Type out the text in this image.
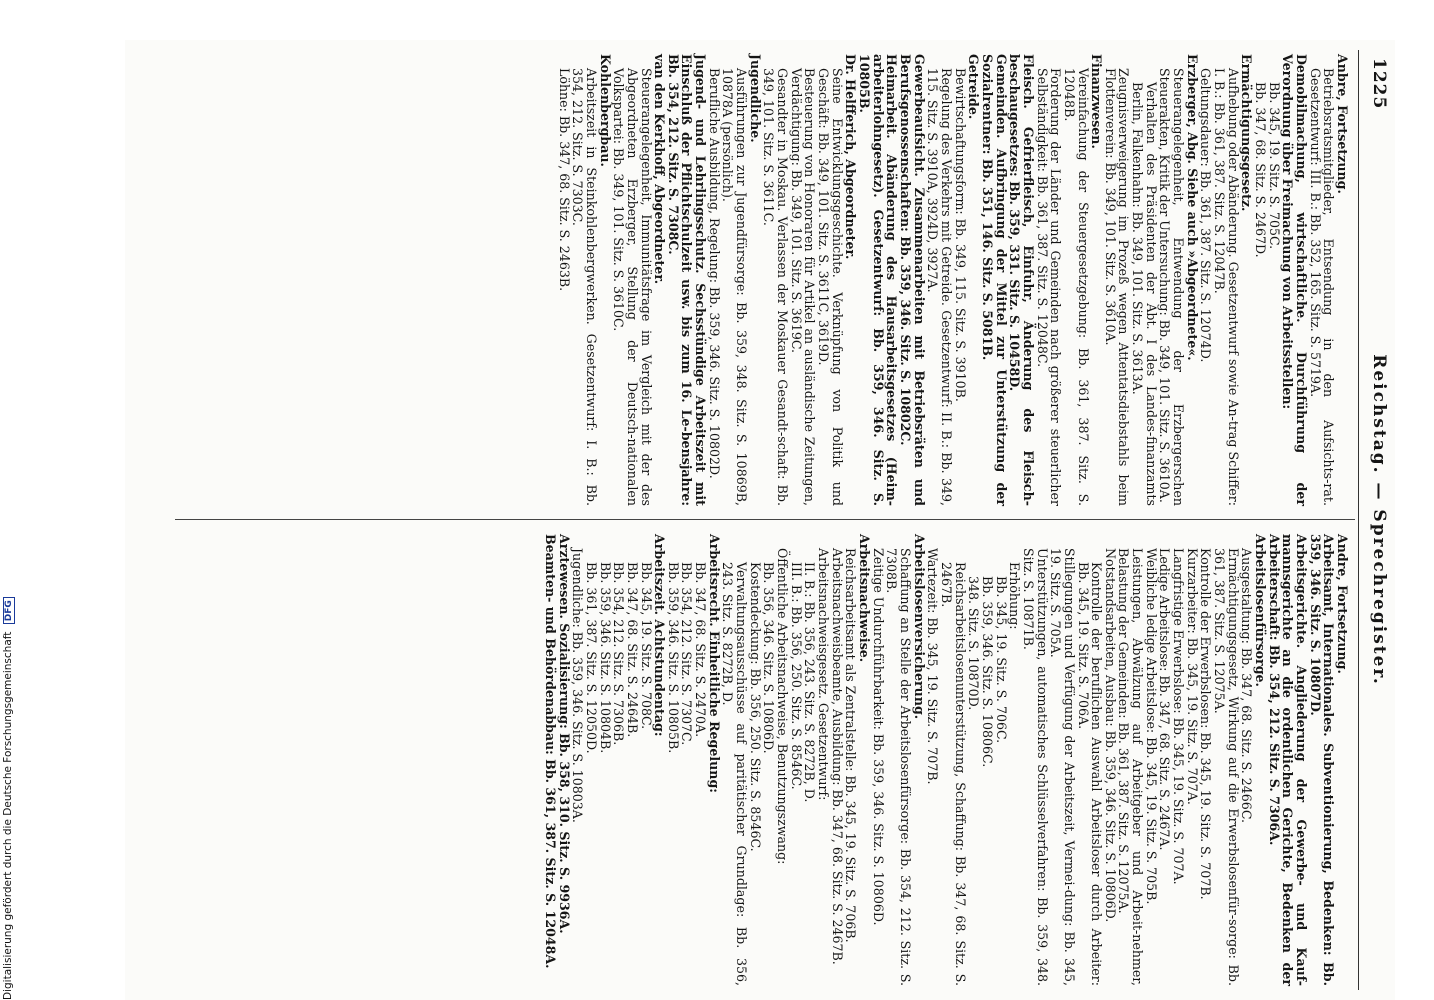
1225
Reichstag. — Sprechregister.
Anbre, Fortsetzung.
Betriebsratsmitglieder, Entsendung in den Aufsichts-rat. Gesetzentwurf: III. B.: Bb. 352, 165. Sitz. S. 5719A.
Demobilmachung, wirtschaftliche. Durchführung der Verordnung über Freimachung von Arbeitsstellen:
Bb. 345, 19. Sitz. S. 705C.
Bb. 347, 68. Sitz. S. 2467D.
Ermächtigungsgesetz.
Aufhebung oder Abänderung. Gesetzentwurf sowie An-trag Schiffer: I. B.: Bb. 361, 387. Sitz. S. 12047B.
Geltungsdauer: Bb. 361, 387. Sitz. S. 12074D.
Erzberger, Abg. Siehe auch »Abgeordnete«.
Steuerangelegenheit, Entwendung der Erzbergerschen Steuerakten, Kritik der Untersuchung: Bb. 349, 101. Sitz. S. 3610A.
Verhalten des Präsidenten der Abt. I des Landes-finanzamts Berlin, Falkenhahn: Bb. 349, 101. Sitz. S. 3613A.
Zeugnisverweigerung im Prozeß wegen Attentatsdiebstahls beim Flottenverein: Bb. 349, 101. Sitz. S. 3610A.
Finanzwesen.
Vereinfachung der Steuergesetzgebung: Bb. 361, 387. Sitz. S. 12048B.
Forderung der Länder und Gemeinden nach größerer steuerlicher Selbständigkeit: Bb. 361, 387. Sitz. S. 12048C.
Fleisch. Gefrierfleisch, Einfuhr, Änderung des Fleisch-beschaugesetzes: Bb. 359, 331. Sitz. S. 10458D.
Gemeinden. Aufbringung der Mittel zur Unterstützung der Sozialrentner: Bb. 351, 146. Sitz. S. 5081B.
Getreide.
Bewirtschaftungsform: Bb. 349, 115. Sitz. S. 3910B.
Regelung des Verkehrs mit Getreide. Gesetzentwurf: II. B.: Bb. 349, 115. Sitz. S. 3910A, 3924D, 3927A.
Gewerbeaufsicht. Zusammenarbeiten mit Betriebsräten und Berufsgenossenschaften: Bb. 359, 346. Sitz. S. 10802C.
Heimarbeit. Abänderung des Hausarbeitsgesetzes (Heim-arbeiterlohngesetz). Gesetzentwurf: Bb. 359, 346. Sitz. S. 10805B.
Dr. Helfferich, Abgeordneter.
Seine Entwicklungsgeschichte. Verknüpfung von Politik und Geschäft: Bb. 349, 101. Sitz. S. 3611C, 3619D.
Besteuerung von Honoraren für Artikel an ausländische Zeitungen, Verdächtigung: Bb. 349, 101. Sitz. S. 3619C.
Gesandter in Moskau. Verlassen der Moskauer Gesandt-schaft: Bb. 349, 101. Sitz. S. 3611C.
Jugendliche.
Ausführungen zur Jugendfürsorge: Bb. 359, 348. Sitz. S. 10869B, 10878A (persönlich).
Berufliche Ausbildung, Regelung: Bb. 359, 346. Sitz. S. 10802D.
Jugend- und Lehrlingsschutz. Sechsstündige Arbeitszeit mit Einschluß der Pflichtschulzeit usw. bis zum 16. Le-bensjahre: Bb. 354, 212. Sitz. S. 7308C.
van den Kerkhoff, Abgeordneter.
Steuerangelegenheit, Immunitätsfrage im Vergleich mit der des Abgeordneten Erzberger, Stellung der Deutsch-nationalen Volkspartei: Bb. 349, 101. Sitz. S. 3610C.
Kohlenbergbau.
Arbeitszeit in Steinkohlenbergwerken. Gesetzentwurf: I. B.: Bb. 354, 212. Sitz. S. 7303C.
Löhne: Bb. 347, 68. Sitz. S. 2463B.
Andre, Fortsetzung.
Arbeitsamt, Internationales. Subventionierung, Bedenken: Bb. 359, 346. Sitz. S. 10807D.
Arbeitsgerichte. Angliederung der Gewerbe- und Kauf-mannsgerichte an die ordentlichen Gerichte, Bedenken der Arbeiterschaft: Bb. 354, 212. Sitz. S. 7306A.
Arbeitslosenfürsorge.
Ausgestaltung: Bb. 347, 68. Sitz. S. 2466C.
Ermächtigungsgesetz, Wirkung auf die Erwerbslosenfür-sorge: Bb. 361, 387. Sitz. S. 12075A.
Kontrolle der Erwerbslosen: Bb. 345, 19. Sitz. S. 707B.
Kurzarbeiter: Bb. 345, 19. Sitz. S. 707A.
Langfristige Erwerbslose: Bb. 345, 19. Sitz. S. 707A.
Ledige Arbeitslose: Bb. 347, 68. Sitz. S. 2467A.
Weibliche ledige Arbeitslose: Bb. 345, 19. Sitz. S. 705B.
Leistungen, Abwälzung auf Arbeitgeber und Arbeit-nehmer, Belastung der Gemeinden: Bb. 361, 387. Sitz. S. 12075A.
Notstandsarbeiten, Ausbau: Bb. 359, 346. Sitz. S. 10806D.
Kontrolle der beruflichen Auswahl Arbeitsloser durch Arbeiter: Bb. 345, 19. Sitz. S. 706A.
Stillegungen und Verfügung der Arbeitszeit, Vermei-dung: Bb. 345, 19. Sitz. S. 705A.
Unterstützungen, automatisches Schlüsselverfahren: Bb. 359, 348. Sitz. S. 10871B.
Erhöhung:
Bb. 345, 19. Sitz. S. 706C.
Bb. 359, 346. Sitz. S. 10806C.
348. Sitz. S. 10870D.
Reichsarbeitslosenunterstützung, Schaffung: Bb. 347, 68. Sitz. S. 2467B.
Wartezeit: Bb. 345, 19. Sitz. S. 707B.
Arbeitslosenversicherung.
Schaffung an Stelle der Arbeitslosenfürsorge: Bb. 354, 212. Sitz. S. 7308B.
Zeitige Undurchführbarkeit: Bb. 359, 346. Sitz. S. 10806D.
Arbeitsnachweise.
Reichsarbeitsamt als Zentralstelle: Bb. 345, 19. Sitz. S. 706B.
Arbeitsnachweisbeamte, Ausbildung: Bb. 347, 68. Sitz. S. 2467B.
Arbeitsnachweisgesetz. Gesetzentwurf:
II. B.: Bb. 356, 243. Sitz. S. 8272B, D.
III. B.: Bb. 356, 250. Sitz. S. 8546C.
Öffentliche Arbeitsnachweise, Benutzungszwang:
Bb. 356, 346. Sitz. S. 10806D.
Kostendeckung: Bb. 356, 250. Sitz. S. 8546C.
Verwaltungsausschüsse auf paritätischer Grundlage: Bb. 356, 243. Sitz. S. 8272B, D.
Arbeitsrecht. Einheitliche Regelung:
Bb. 347, 68. Sitz. S. 2470A.
Bb. 354, 212. Sitz. S. 7307C.
Bb. 359, 346. Sitz. S. 10805B.
Arbeitszeit. Achtstundentag:
Bb. 345, 19. Sitz. S. 708C.
Bb. 347, 68. Sitz. S. 2464B.
Bb. 354, 212. Sitz. S. 7306B.
Bb. 359, 346. Sitz. S. 10804B.
Bb. 361, 387. Sitz. S. 12050D.
Jugendliche: Bb. 359, 346. Sitz. S. 10803A.
Arztewesen. Sozialisierung: Bb. 358, 310. Sitz. S. 9936A.
Beamten- und Behördenabbau: Bb. 361, 387. Sitz. S. 12048A.
Digitalisierung gefördert durch die Deutsche Forschungsgemeinschaft DFG
